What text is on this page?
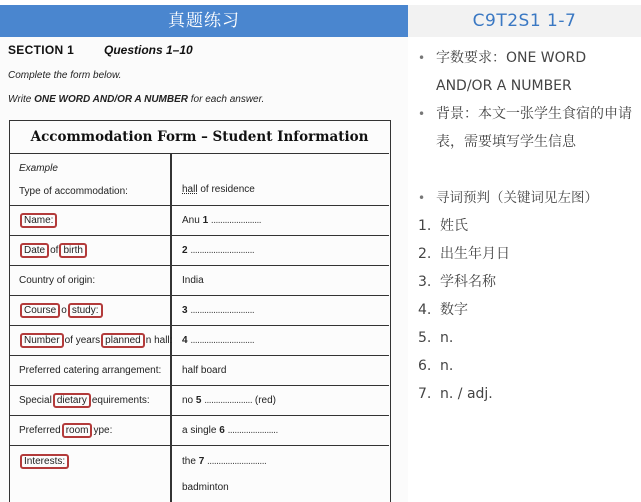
真题练习
SECTION 1 Questions 1–10
Complete the form below.
Write ONE WORD AND/OR A NUMBER for each answer.
Accommodation Form – Student Information
Example
Type of accommodation:	hall of residence
Name:	Anu 1 ......................
Date of birth	2 ............................
Country of origin:	India
Course o study:	3 ............................
Number of years planned n hall: 4 ............................
Preferred catering arrangement: half board
Special dietary equirements:	no 5 ..................... (red)
Preferred room ype:	a single 6 ......................
Interests:	the 7 ..........................
badminton
C9T2S1 1-7
• 字数要求：ONE WORD AND/OR A NUMBER
• 背景：本文一张学生食宿的申请表，需要填写学生信息
• 寻词预判（关键词见左图）
1. 姓氏
2. 出生年月日
3. 学科名称
4. 数字
5. n.
6. n.
7. n. / adj.
